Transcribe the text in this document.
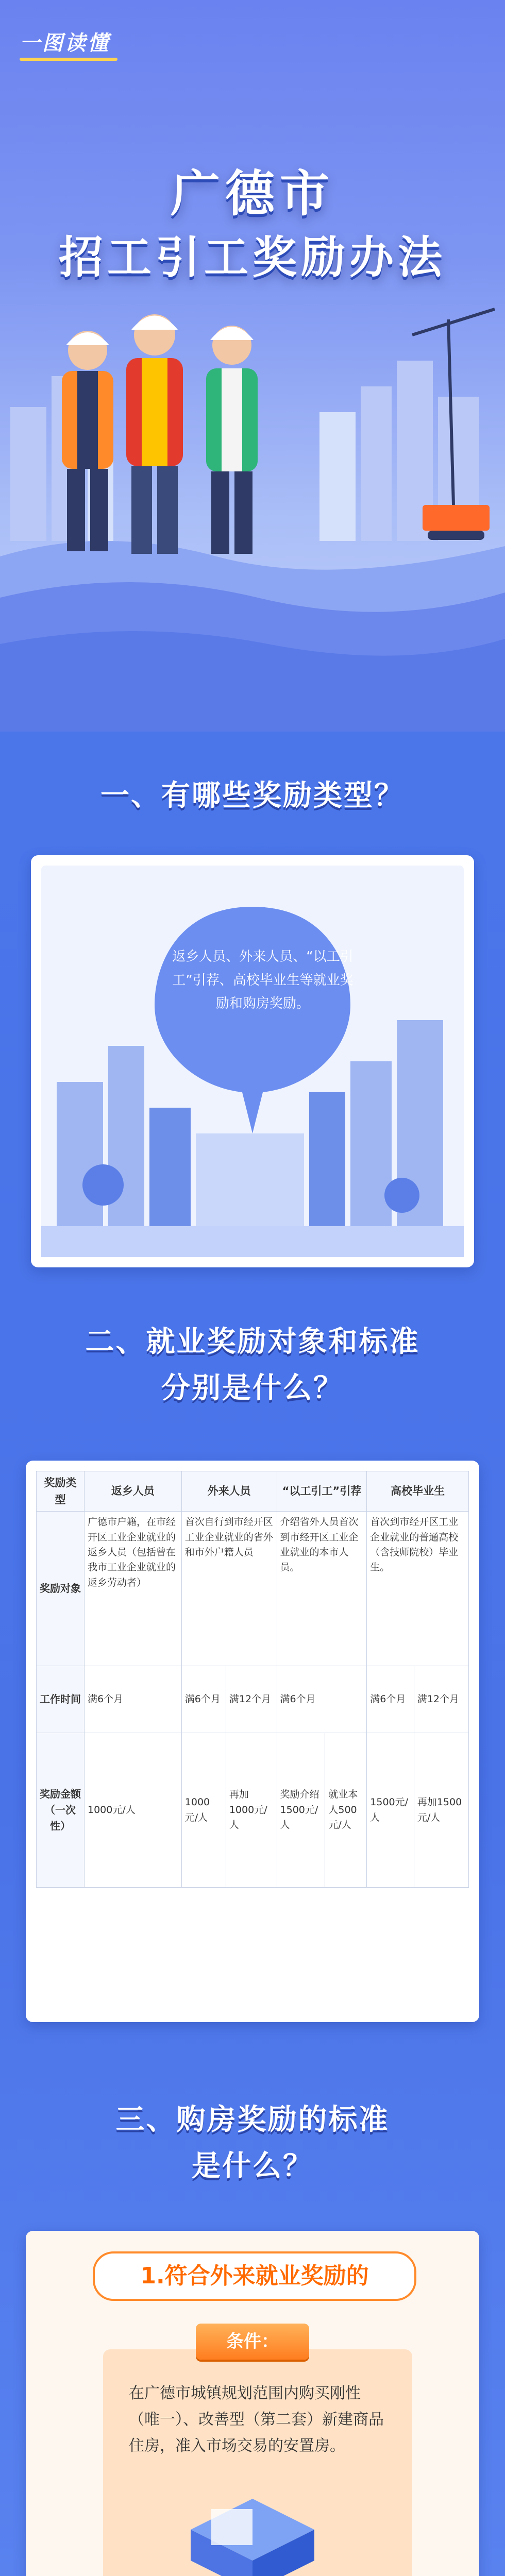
一图读懂
广德市
招工引工奖励办法
一、有哪些奖励类型？
返乡人员、外来人员、“以工引工”引荐、高校毕业生等就业奖励和购房奖励。
二、就业奖励对象和标准
分别是什么？
奖励类型	返乡人员	外来人员		“以工引工”引荐		高校毕业生	
奖励对象	广德市户籍，在市经开区工业企业就业的返乡人员（包括曾在我市工业企业就业的返乡劳动者）	首次自行到市经开区工业企业就业的省外和市外户籍人员		介绍省外人员首次到市经开区工业企业就业的本市人员。		首次到市经开区工业企业就业的普通高校（含技师院校）毕业生。	
工作时间	满6个月	满6个月	满12个月	满6个月		满6个月	满12个月
奖励金额（一次性）	1000元/人	1000元/人	再加1000元/人	奖励介绍1500元/人	就业本人500元/人	1500元/人	再加1500元/人
三、购房奖励的标准
是什么？
1.符合外来就业奖励的
条件：
在广德市城镇规划范围内购买刚性（唯一）、改善型（第二套）新建商品住房，准入市场交易的安置房。
